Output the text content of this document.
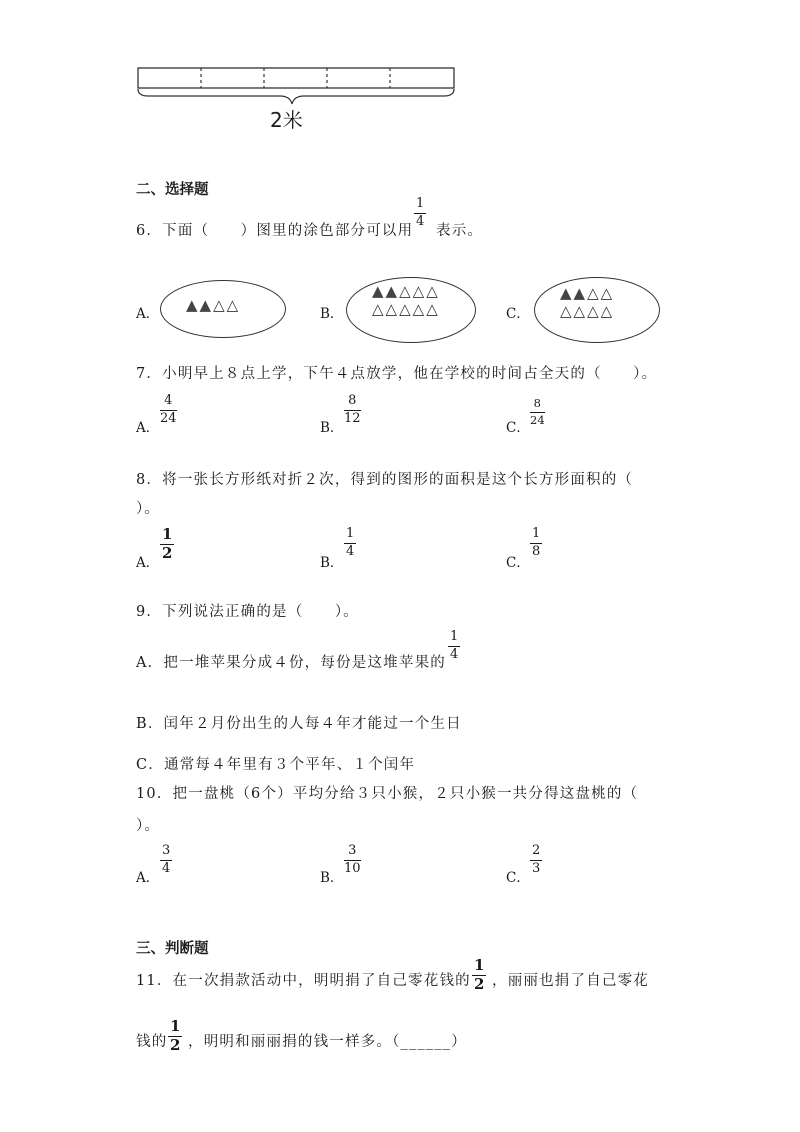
2米
二、选择题
6．下面（　　）图里的涂色部分可以用
1
4
表示。
A． ▲▲△△	B．
▲▲△△△
△△△△△	C．
▲▲△△
△△△△
7．小明早上８点上学，下午４点放学，他在学校的时间占全天的（　　）。
A．
4
24
B．
8
12
C．
8
24
8．将一张长方形纸对折２次，得到的图形的面积是这个长方形面积的（
）。
A．
1
2
B．
1
4
C．
1
8
9．下列说法正确的是（　　）。
A．把一堆苹果分成４份，每份是这堆苹果的
1
4
B．闰年２月份出生的人每４年才能过一个生日
C．通常每４年里有３个平年、１个闰年
10．把一盘桃（6个）平均分给３只小猴，２只小猴一共分得这盘桃的（
）。
A．
3
4
B．
3
10
C．
2
3
三、判断题
11．在一次捐款活动中，明明捐了自己零花钱的
1
2 ，丽丽也捐了自己零花
钱的
1
2 ，明明和丽丽捐的钱一样多。（______）
